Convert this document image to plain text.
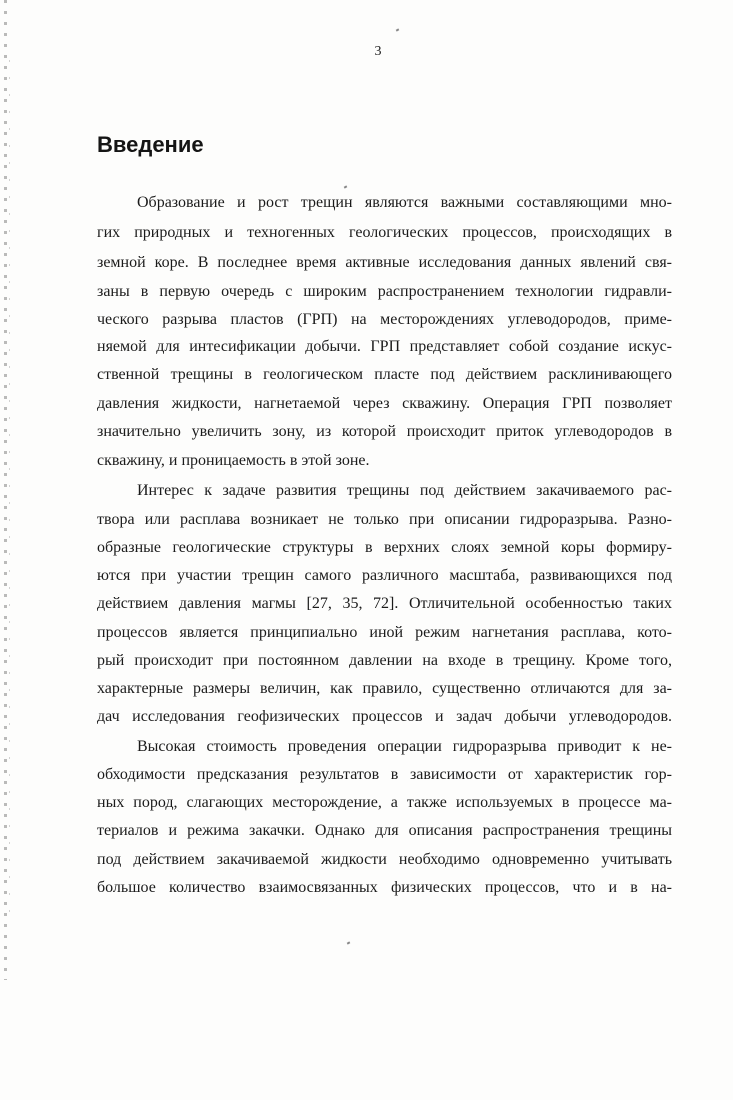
3
Введение
Образование и рост трещин являются важными составляющими мно-
гих природных и техногенных геологических процессов, происходящих в
земной коре. В последнее время активные исследования данных явлений свя-
заны в первую очередь с широким распространением технологии гидравли-
ческого разрыва пластов (ГРП) на месторождениях углеводородов, приме-
няемой для интесификации добычи. ГРП представляет собой создание искус-
ственной трещины в геологическом пласте под действием расклинивающего
давления жидкости, нагнетаемой через скважину. Операция ГРП позволяет
значительно увеличить зону, из которой происходит приток углеводородов в
скважину, и проницаемость в этой зоне.
Интерес к задаче развития трещины под действием закачиваемого рас-
твора или расплава возникает не только при описании гидроразрыва. Разно-
образные геологические структуры в верхних слоях земной коры формиру-
ются при участии трещин самого различного масштаба, развивающихся под
действием давления магмы [27, 35, 72]. Отличительной особенностью таких
процессов является принципиально иной режим нагнетания расплава, кото-
рый происходит при постоянном давлении на входе в трещину. Кроме того,
характерные размеры величин, как правило, существенно отличаются для за-
дач исследования геофизических процессов и задач добычи углеводородов.
Высокая стоимость проведения операции гидроразрыва приводит к не-
обходимости предсказания результатов в зависимости от характеристик гор-
ных пород, слагающих месторождение, а также используемых в процессе ма-
териалов и режима закачки. Однако для описания распространения трещины
под действием закачиваемой жидкости необходимо одновременно учитывать
большое количество взаимосвязанных физических процессов, что и в на-
